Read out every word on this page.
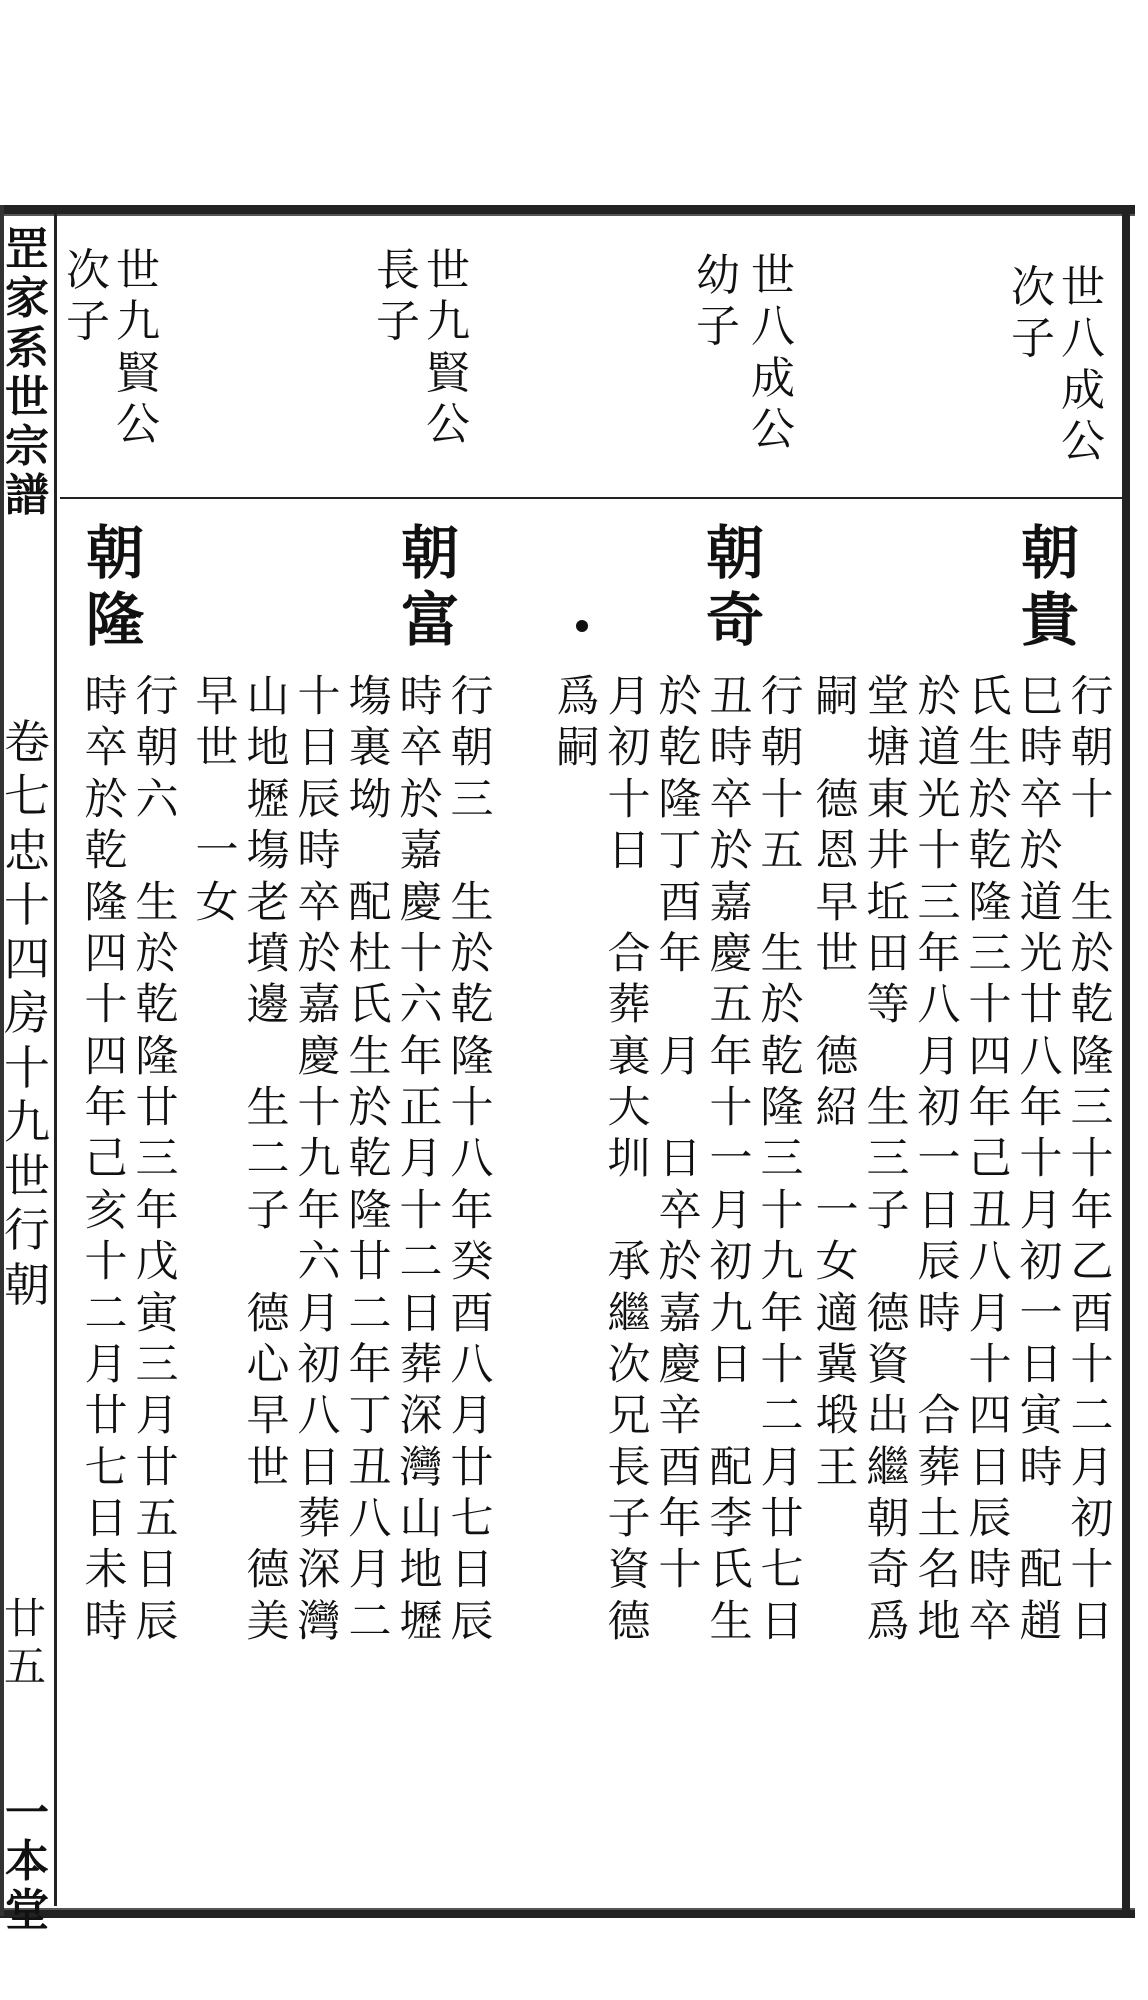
罡
家
系
世
宗
譜
卷
七
忠
十
四
房
十
九
世
行
朝
廿
五
一
本
堂
世
八
成
公
次
子
世
八
成
公
幼
子
世
九
賢
公
長
子
世
九
賢
公
次
子
朝
貴
朝
奇
朝
富
朝
隆
行
朝
十

生
於
乾
隆
三
十
年
乙
酉
十
二
月
初
十
日
巳
時
卒
於
道
光
廿
八
年
十
月
初
一
日
寅
時

配
趙
氏
生
於
乾
隆
三
十
四
年
己
丑
八
月
十
四
日
辰
時
卒
於
道
光
十
三
年
八
月
初
一
日
辰
時

合
葬
土
名
地
堂
塘
東
井
坵
田
等

生
三
子

德
資
出
繼
朝
奇
爲
嗣

德
恩
早
世

德
紹

一
女
適
冀
塅
王
行
朝
十
五

生
於
乾
隆
三
十
九
年
十
二
月
廿
七
日
丑
時
卒
於
嘉
慶
五
年
十
一
月
初
九
日

配
李
氏
生
於
乾
隆
丁
酉
年

月

日
卒
於
嘉
慶
辛
酉
年
十
月
初
十
日

合
葬
裏
大
圳

承
繼
次
兄
長
子
資
德
爲
嗣
行
朝
三

生
於
乾
隆
十
八
年
癸
酉
八
月
廿
七
日
辰
時
卒
於
嘉
慶
十
六
年
正
月
十
二
日
葬
深
灣
山
地
壢
塲
裏
坳

配
杜
氏
生
於
乾
隆
廿
二
年
丁
丑
八
月
二
十
日
辰
時
卒
於
嘉
慶
十
九
年
六
月
初
八
日
葬
深
灣
山
地
壢
塲
老
墳
邊

生
二
子

德
心
早
世

德
美
早
世

一
女
行
朝
六

生
於
乾
隆
廿
三
年
戊
寅
三
月
廿
五
日
辰
時
卒
於
乾
隆
四
十
四
年
己
亥
十
二
月
廿
七
日
未
時
